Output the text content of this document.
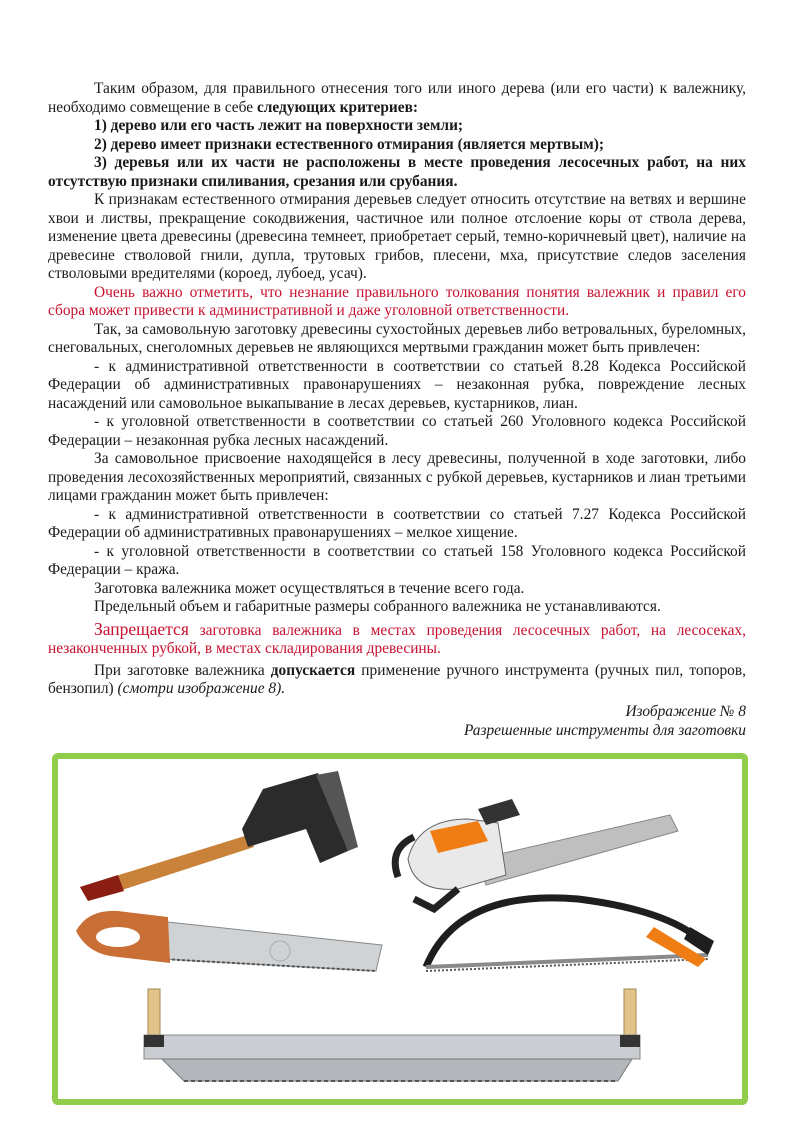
Таким образом, для правильного отнесения того или иного дерева (или его части) к валежнику, необходимо совмещение в себе следующих критериев:

1) дерево или его часть лежит на поверхности земли;

2) дерево имеет признаки естественного отмирания (является мертвым);

3) деревья или их части не расположены в месте проведения лесосечных работ, на них отсутствую признаки спиливания, срезания или срубания.

К признакам естественного отмирания деревьев следует относить отсутствие на ветвях и вершине хвои и листвы, прекращение сокодвижения, частичное или полное отслоение коры от ствола дерева, изменение цвета древесины (древесина темнеет, приобретает серый, темно-коричневый цвет), наличие на древесине стволовой гнили, дупла, трутовых грибов, плесени, мха, присутствие следов заселения стволовыми вредителями (короед, лубоед, усач).

Очень важно отметить, что незнание правильного толкования понятия валежник и правил его сбора может привести к административной и даже уголовной ответственности.

Так, за самовольную заготовку древесины сухостойных деревьев либо ветровальных, буреломных, снеговальных, снеголомных деревьев не являющихся мертвыми гражданин может быть привлечен:

- к административной ответственности в соответствии со статьей 8.28 Кодекса Российской Федерации об административных правонарушениях – незаконная рубка, повреждение лесных насаждений или самовольное выкапывание в лесах деревьев, кустарников, лиан.

- к уголовной ответственности в соответствии со статьей 260 Уголовного кодекса Российской Федерации – незаконная рубка лесных насаждений.

За самовольное присвоение находящейся в лесу древесины, полученной в ходе заготовки, либо проведения лесохозяйственных мероприятий, связанных с рубкой деревьев, кустарников и лиан третьими лицами гражданин может быть привлечен:

- к административной ответственности в соответствии со статьей 7.27 Кодекса Российской Федерации об административных правонарушениях – мелкое хищение.

- к уголовной ответственности в соответствии со статьей 158 Уголовного кодекса Российской Федерации – кража.

Заготовка валежника может осуществляться в течение всего года.

Предельный объем и габаритные размеры собранного валежника не устанавливаются.

Запрещается заготовка валежника в местах проведения лесосечных работ, на лесосеках, незаконченных рубкой, в местах складирования древесины.

При заготовке валежника допускается применение ручного инструмента (ручных пил, топоров, бензопил) (смотри изображение 8).

Изображение № 8

Разрешенные инструменты для заготовки
